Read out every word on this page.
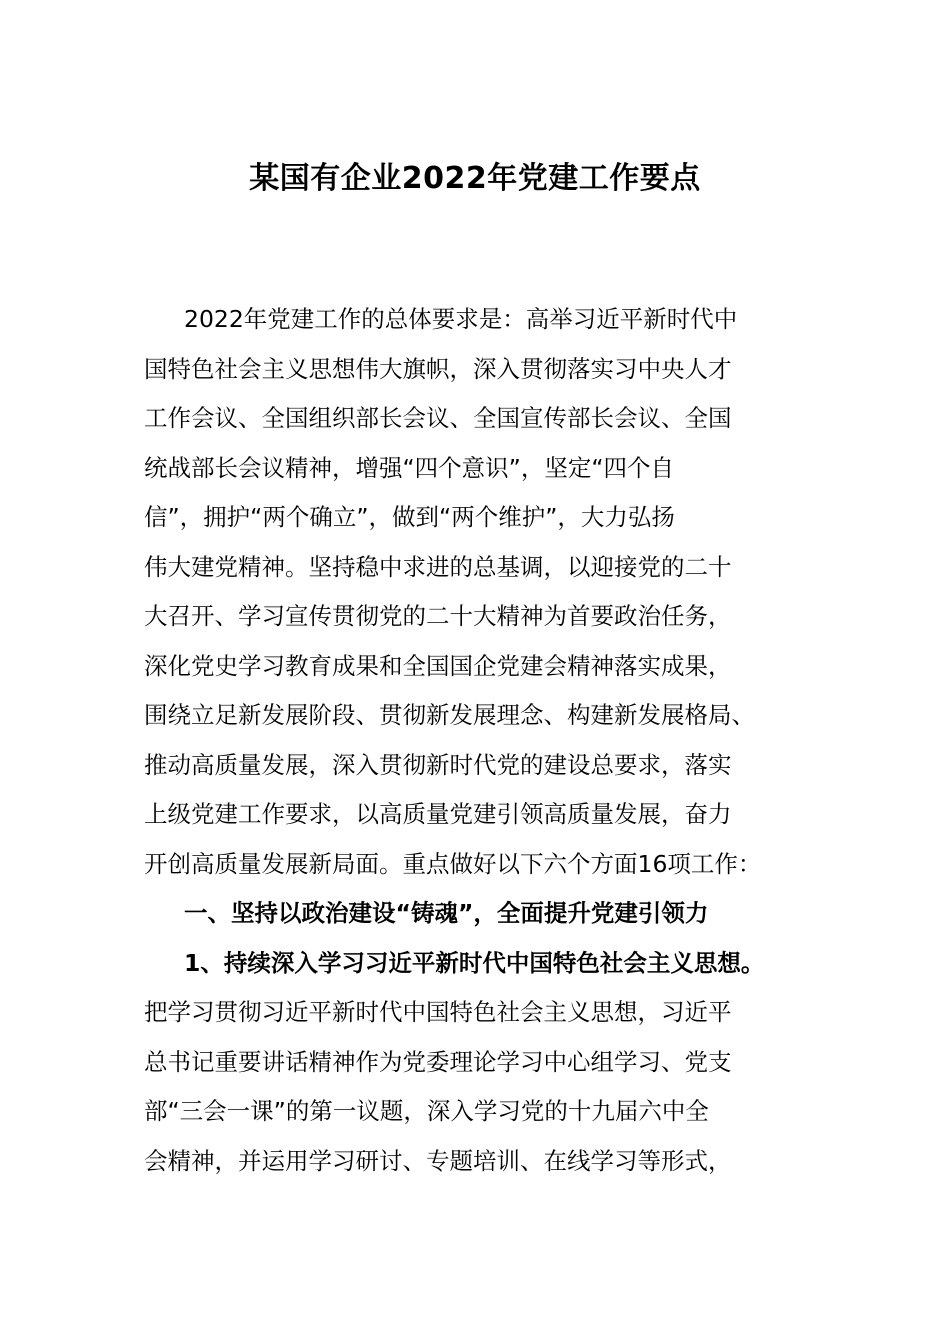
某国有企业2022年党建工作要点
2022年党建工作的总体要求是：高举习近平新时代中
国特色社会主义思想伟大旗帜，深入贯彻落实习中央人才
工作会议、全国组织部长会议、全国宣传部长会议、全国
统战部长会议精神，增强“四个意识”，坚定“四个自
信”，拥护“两个确立”，做到“两个维护”，大力弘扬
伟大建党精神。坚持稳中求进的总基调，以迎接党的二十
大召开、学习宣传贯彻党的二十大精神为首要政治任务，
深化党史学习教育成果和全国国企党建会精神落实成果，
围绕立足新发展阶段、贯彻新发展理念、构建新发展格局、
推动高质量发展，深入贯彻新时代党的建设总要求，落实
上级党建工作要求，以高质量党建引领高质量发展，奋力
开创高质量发展新局面。重点做好以下六个方面16项工作：
一、坚持以政治建设“铸魂”，全面提升党建引领力
1、持续深入学习习近平新时代中国特色社会主义思想。
把学习贯彻习近平新时代中国特色社会主义思想，习近平
总书记重要讲话精神作为党委理论学习中心组学习、党支
部“三会一课”的第一议题，深入学习党的十九届六中全
会精神，并运用学习研讨、专题培训、在线学习等形式，
